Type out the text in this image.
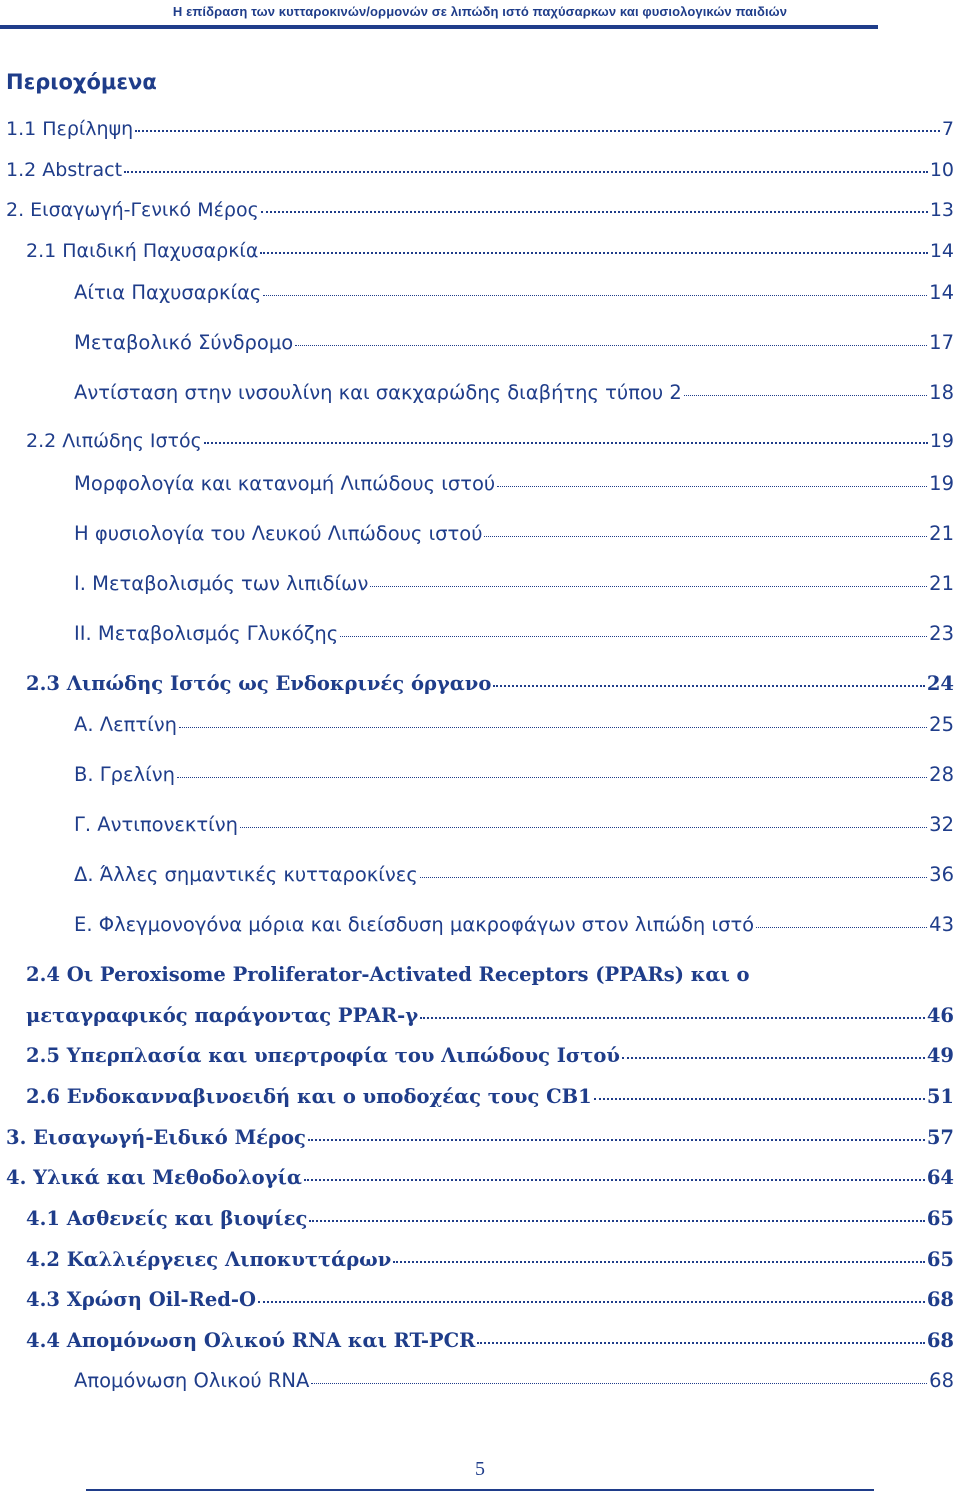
Η επίδραση των κυτταροκινών/ορμονών σε λιπώδη ιστό παχύσαρκων και φυσιολογικών παιδιών
Περιοχόμενα
1.1 Περίληψη	7
1.2 Abstract	10
2. Εισαγωγή-Γενικό Μέρος	13
2.1 Παιδική Παχυσαρκία	14
Αίτια Παχυσαρκίας	14
Μεταβολικό Σύνδρομο	17
Αντίσταση στην ινσουλίνη και σακχαρώδης διαβήτης τύπου 2	18
2.2 Λιπώδης Ιστός	19
Μορφολογία και κατανομή Λιπώδους ιστού	19
Η φυσιολογία του Λευκού Λιπώδους ιστού	21
Ι. Μεταβολισμός των λιπιδίων	21
ΙΙ. Μεταβολισμός Γλυκόζης	23
2.3 Λιπώδης Ιστός ως Ενδοκρινές όργανο	24
Α. Λεπτίνη	25
Β. Γρελίνη	28
Γ. Αντιπονεκτίνη	32
Δ. Άλλες σημαντικές κυτταροκίνες	36
Ε. Φλεγμονογόνα μόρια και διείσδυση μακροφάγων στον λιπώδη ιστό	43
2.4 Οι Peroxisome Proliferator-Activated Receptors (PPARs) και ο
μεταγραφικός παράγοντας PPAR-γ	46
2.5 Υπερπλασία και υπερτροφία του Λιπώδους Ιστού	49
2.6 Ενδοκανναβινοειδή και ο υποδοχέας τους CB1	51
3. Εισαγωγή-Ειδικό Μέρος	57
4. Υλικά και Μεθοδολογία	64
4.1 Ασθενείς και βιοψίες	65
4.2 Καλλιέργειες Λιποκυττάρων	65
4.3 Χρώση Oil-Red-O	68
4.4 Απομόνωση Ολικού RNA και RT-PCR	68
Απομόνωση Ολικού RNA	68
5
